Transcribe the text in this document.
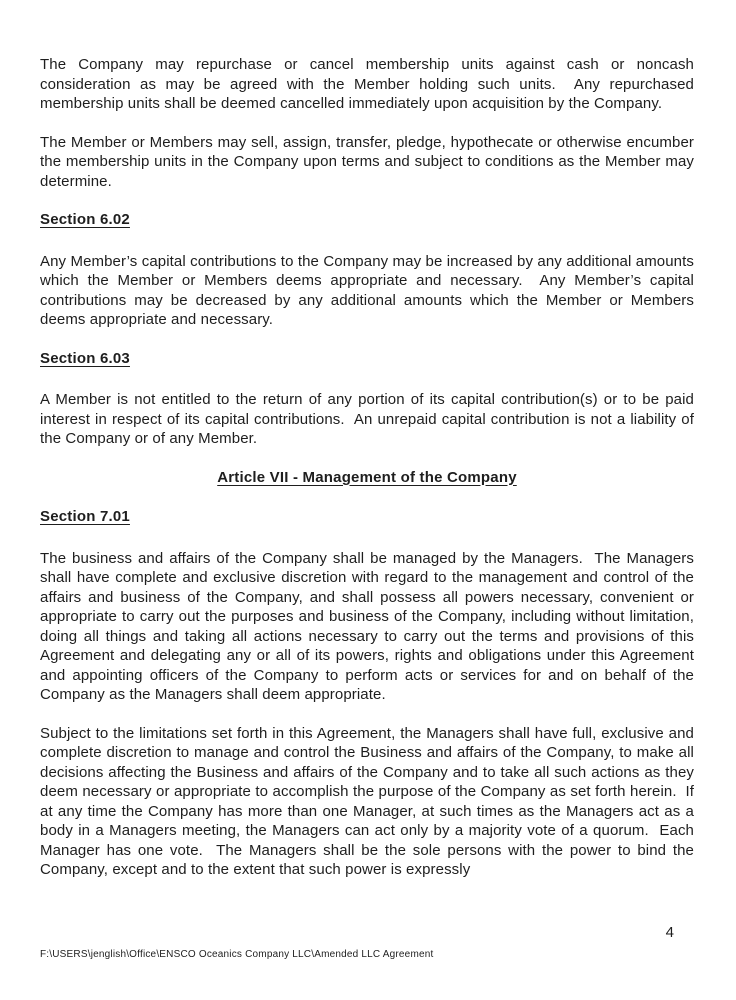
The Company may repurchase or cancel membership units against cash or noncash consideration as may be agreed with the Member holding such units.  Any repurchased membership units shall be deemed cancelled immediately upon acquisition by the Company.

The Member or Members may sell, assign, transfer, pledge, hypothecate or otherwise encumber the membership units in the Company upon terms and subject to conditions as the Member may determine.

Section 6.02

Any Member’s capital contributions to the Company may be increased by any additional amounts which the Member or Members deems appropriate and necessary.  Any Member’s capital contributions may be decreased by any additional amounts which the Member or Members deems appropriate and necessary.

Section 6.03

A Member is not entitled to the return of any portion of its capital contribution(s) or to be paid interest in respect of its capital contributions.  An unrepaid capital contribution is not a liability of the Company or of any Member.

Article VII - Management of the Company
Section 7.01

The business and affairs of the Company shall be managed by the Managers.  The Managers shall have complete and exclusive discretion with regard to the management and control of the affairs and business of the Company, and shall possess all powers necessary, convenient or appropriate to carry out the purposes and business of the Company, including without limitation, doing all things and taking all actions necessary to carry out the terms and provisions of this Agreement and delegating any or all of its powers, rights and obligations under this Agreement and appointing officers of the Company to perform acts or services for and on behalf of the Company as the Managers shall deem appropriate.

Subject to the limitations set forth in this Agreement, the Managers shall have full, exclusive and complete discretion to manage and control the Business and affairs of the Company, to make all decisions affecting the Business and affairs of the Company and to take all such actions as they deem necessary or appropriate to accomplish the purpose of the Company as set forth herein.  If at any time the Company has more than one Manager, at such times as the Managers act as a body in a Managers meeting, the Managers can act only by a majority vote of a quorum.  Each Manager has one vote.  The Managers shall be the sole persons with the power to bind the Company, except and to the extent that such power is expressly

4
F:\USERS\jenglish\Office\ENSCO Oceanics Company LLC\Amended LLC Agreement
